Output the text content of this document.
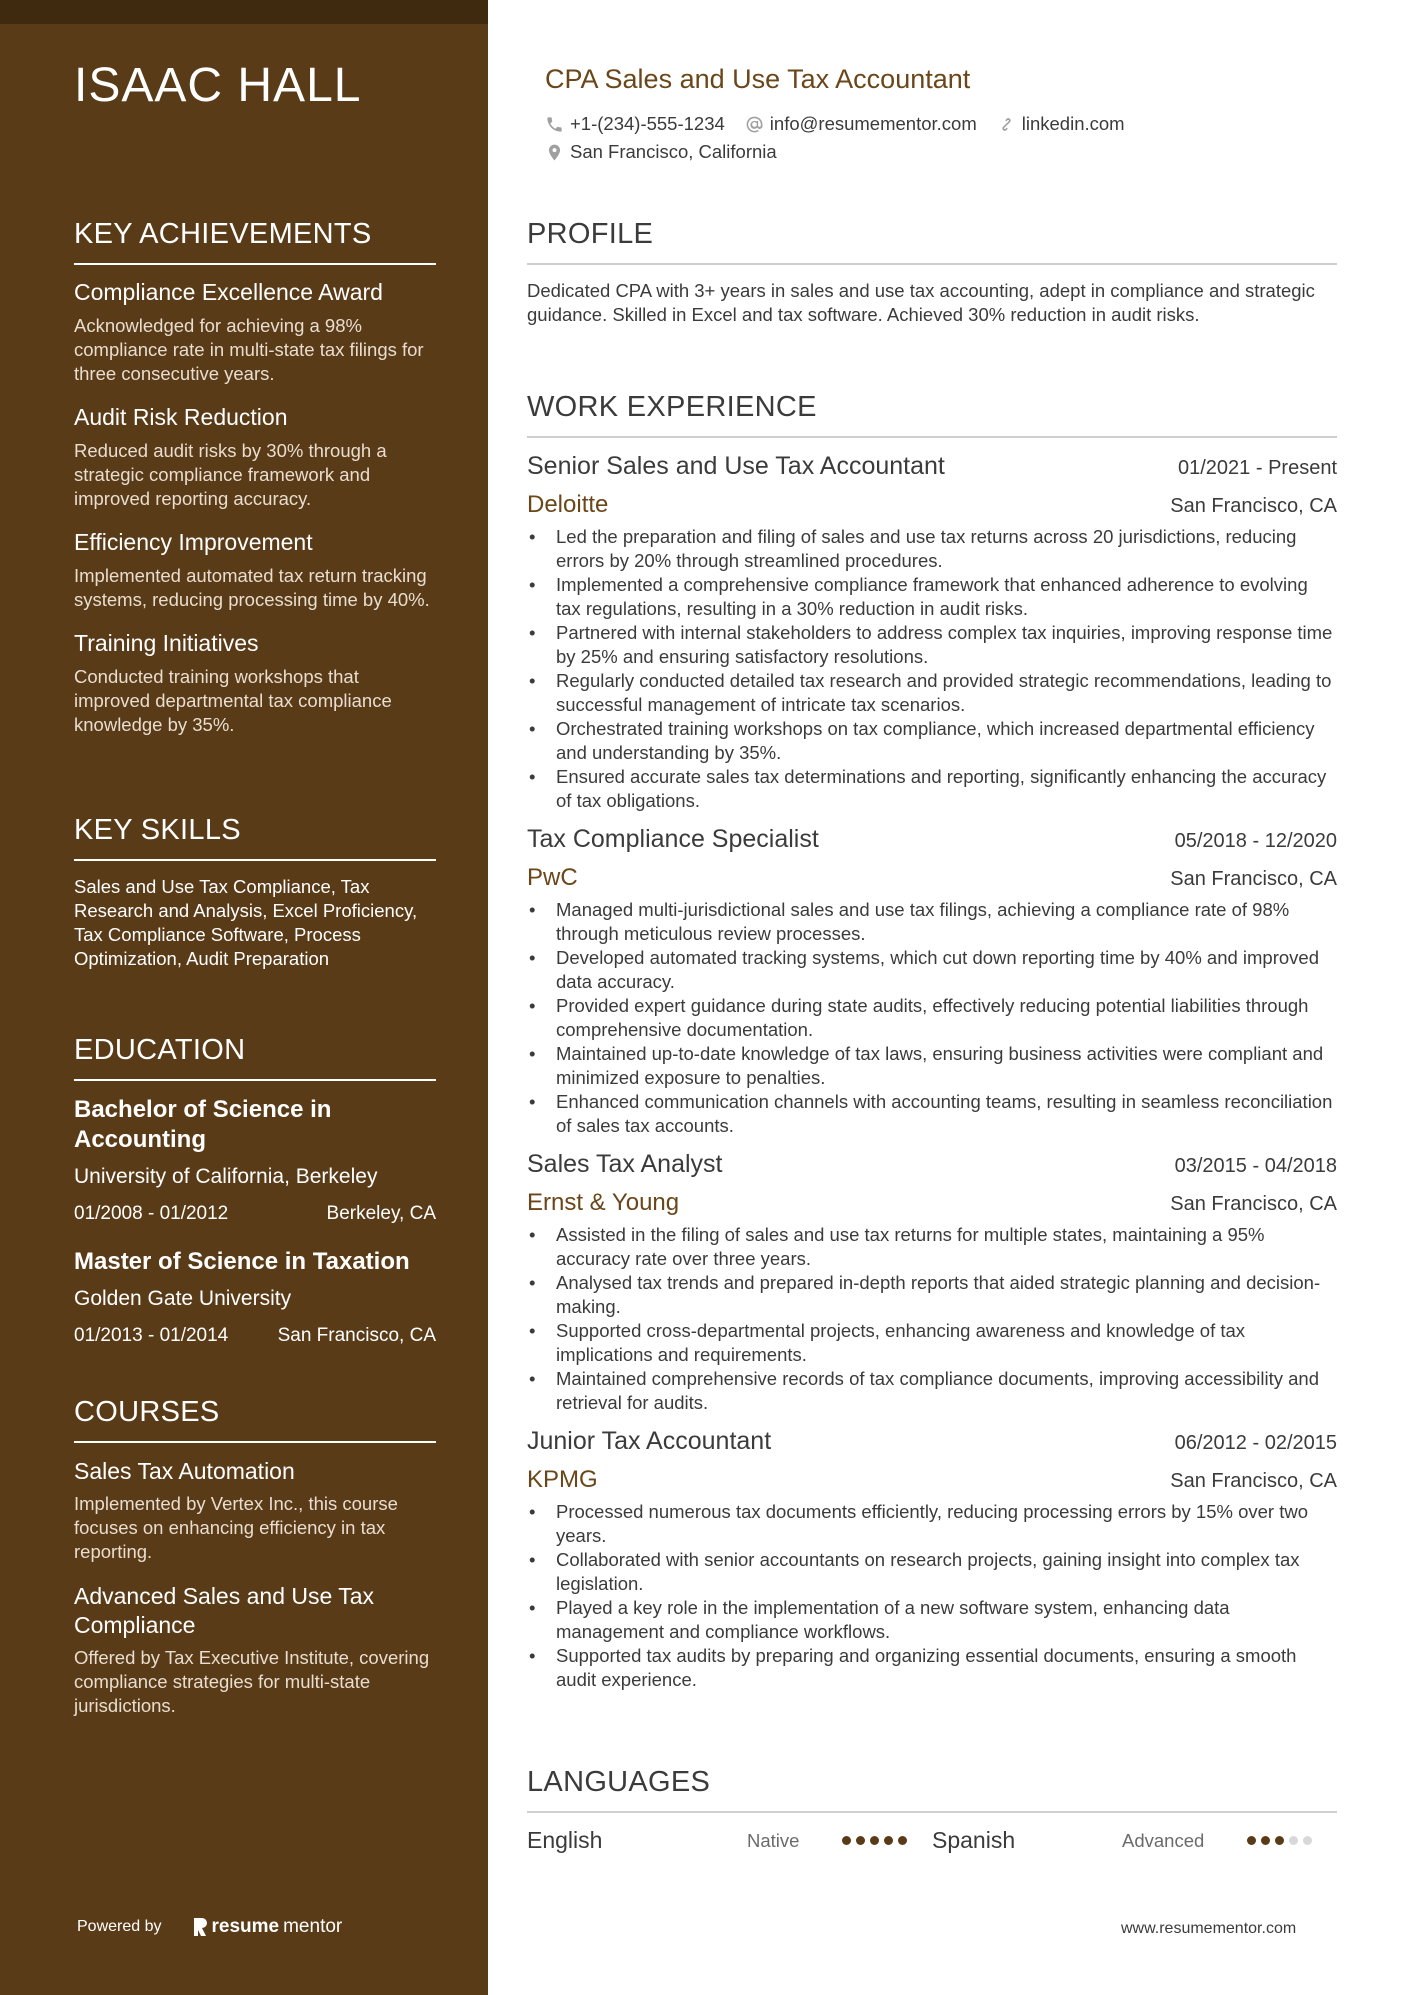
ISAAC HALL
KEY ACHIEVEMENTS
Compliance Excellence Award
Acknowledged for achieving a 98% compliance rate in multi-state tax filings for three consecutive years.
Audit Risk Reduction
Reduced audit risks by 30% through a strategic compliance framework and improved reporting accuracy.
Efficiency Improvement
Implemented automated tax return tracking systems, reducing processing time by 40%.
Training Initiatives
Conducted training workshops that improved departmental tax compliance knowledge by 35%.
KEY SKILLS
Sales and Use Tax Compliance, Tax Research and Analysis, Excel Proficiency, Tax Compliance Software, Process Optimization, Audit Preparation
EDUCATION
Bachelor of Science in Accounting
University of California, Berkeley
01/2008 - 01/2012	Berkeley, CA
Master of Science in Taxation
Golden Gate University
01/2013 - 01/2014	San Francisco, CA
COURSES
Sales Tax Automation
Implemented by Vertex Inc., this course focuses on enhancing efficiency in tax reporting.
Advanced Sales and Use Tax Compliance
Offered by Tax Executive Institute, covering compliance strategies for multi-state jurisdictions.
Powered by	resume mentor
CPA Sales and Use Tax Accountant
+1-(234)-555-1234 info@resumementor.com linkedin.com
San Francisco, California
PROFILE
Dedicated CPA with 3+ years in sales and use tax accounting, adept in compliance and strategic guidance. Skilled in Excel and tax software. Achieved 30% reduction in audit risks.
WORK EXPERIENCE
Senior Sales and Use Tax Accountant	01/2021 - Present
Deloitte	San Francisco, CA
• Led the preparation and filing of sales and use tax returns across 20 jurisdictions, reducing errors by 20% through streamlined procedures.
• Implemented a comprehensive compliance framework that enhanced adherence to evolving tax regulations, resulting in a 30% reduction in audit risks.
• Partnered with internal stakeholders to address complex tax inquiries, improving response time by 25% and ensuring satisfactory resolutions.
• Regularly conducted detailed tax research and provided strategic recommendations, leading to successful management of intricate tax scenarios.
• Orchestrated training workshops on tax compliance, which increased departmental efficiency and understanding by 35%.
• Ensured accurate sales tax determinations and reporting, significantly enhancing the accuracy of tax obligations.
Tax Compliance Specialist	05/2018 - 12/2020
PwC	San Francisco, CA
• Managed multi-jurisdictional sales and use tax filings, achieving a compliance rate of 98% through meticulous review processes.
• Developed automated tracking systems, which cut down reporting time by 40% and improved data accuracy.
• Provided expert guidance during state audits, effectively reducing potential liabilities through comprehensive documentation.
• Maintained up-to-date knowledge of tax laws, ensuring business activities were compliant and minimized exposure to penalties.
• Enhanced communication channels with accounting teams, resulting in seamless reconciliation of sales tax accounts.
Sales Tax Analyst	03/2015 - 04/2018
Ernst & Young	San Francisco, CA
• Assisted in the filing of sales and use tax returns for multiple states, maintaining a 95% accuracy rate over three years.
• Analysed tax trends and prepared in-depth reports that aided strategic planning and decision-making.
• Supported cross-departmental projects, enhancing awareness and knowledge of tax implications and requirements.
• Maintained comprehensive records of tax compliance documents, improving accessibility and retrieval for audits.
Junior Tax Accountant	06/2012 - 02/2015
KPMG	San Francisco, CA
• Processed numerous tax documents efficiently, reducing processing errors by 15% over two years.
• Collaborated with senior accountants on research projects, gaining insight into complex tax legislation.
• Played a key role in the implementation of a new software system, enhancing data management and compliance workflows.
• Supported tax audits by preparing and organizing essential documents, ensuring a smooth audit experience.
LANGUAGES
English	Native	Spanish	Advanced
www.resumementor.com
